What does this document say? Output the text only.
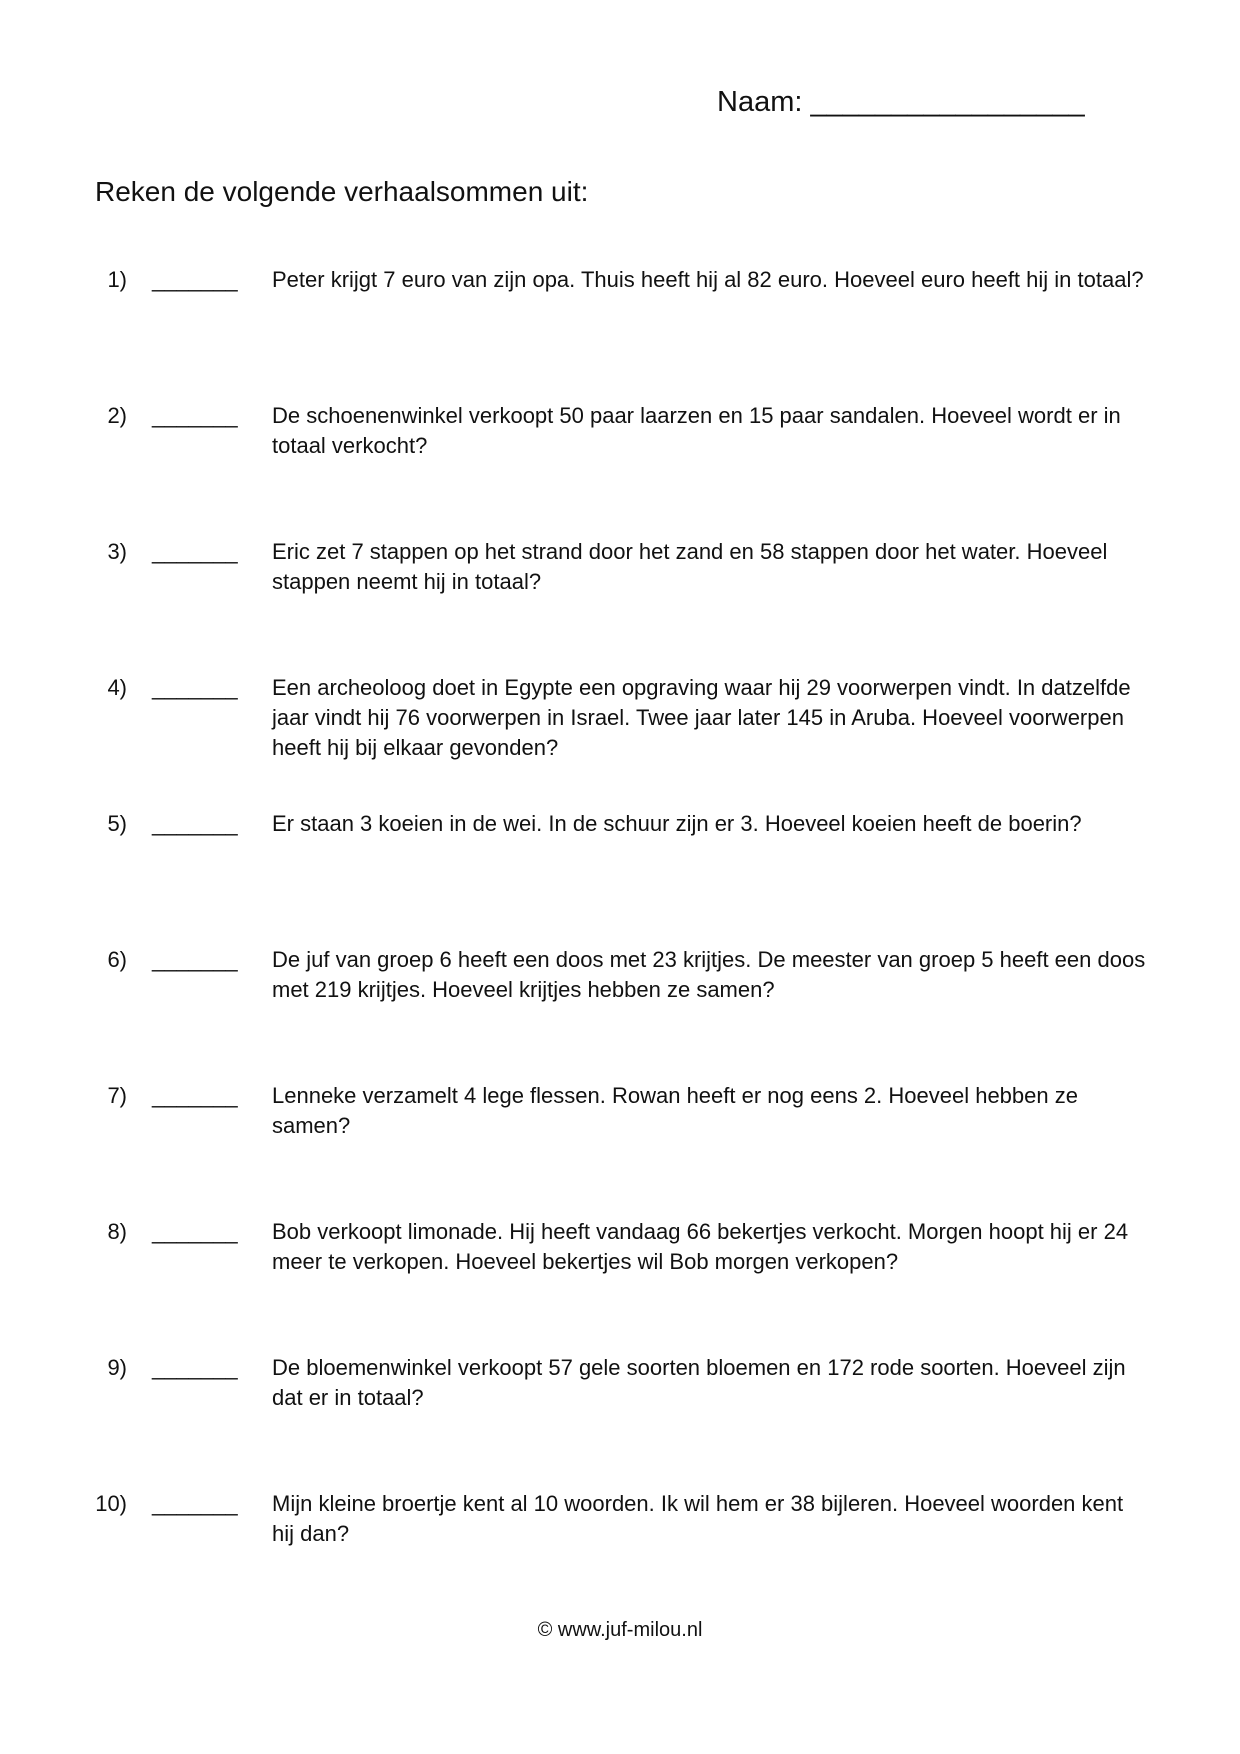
Naam: _________________
Reken de volgende verhaalsommen uit:
1) _______ Peter krijgt 7 euro van zijn opa. Thuis heeft hij al 82 euro. Hoeveel euro heeft hij in totaal?
2) _______ De schoenenwinkel verkoopt 50 paar laarzen en 15 paar sandalen. Hoeveel wordt er in totaal verkocht?
3) _______ Eric zet 7 stappen op het strand door het zand en 58 stappen door het water. Hoeveel stappen neemt hij in totaal?
4) _______ Een archeoloog doet in Egypte een opgraving waar hij 29 voorwerpen vindt. In datzelfde jaar vindt hij 76 voorwerpen in Israel. Twee jaar later 145 in Aruba. Hoeveel voorwerpen heeft hij bij elkaar gevonden?
5) _______ Er staan 3 koeien in de wei. In de schuur zijn er 3. Hoeveel koeien heeft de boerin?
6) _______ De juf van groep 6 heeft een doos met 23 krijtjes. De meester van groep 5 heeft een doos met 219 krijtjes. Hoeveel krijtjes hebben ze samen?
7) _______ Lenneke verzamelt 4 lege flessen. Rowan heeft er nog eens 2. Hoeveel hebben ze samen?
8) _______ Bob verkoopt limonade. Hij heeft vandaag 66 bekertjes verkocht. Morgen hoopt hij er 24 meer te verkopen. Hoeveel bekertjes wil Bob morgen verkopen?
9) _______ De bloemenwinkel verkoopt 57 gele soorten bloemen en 172 rode soorten. Hoeveel zijn dat er in totaal?
10) _______ Mijn kleine broertje kent al 10 woorden. Ik wil hem er 38 bijleren. Hoeveel woorden kent hij dan?
© www.juf-milou.nl
